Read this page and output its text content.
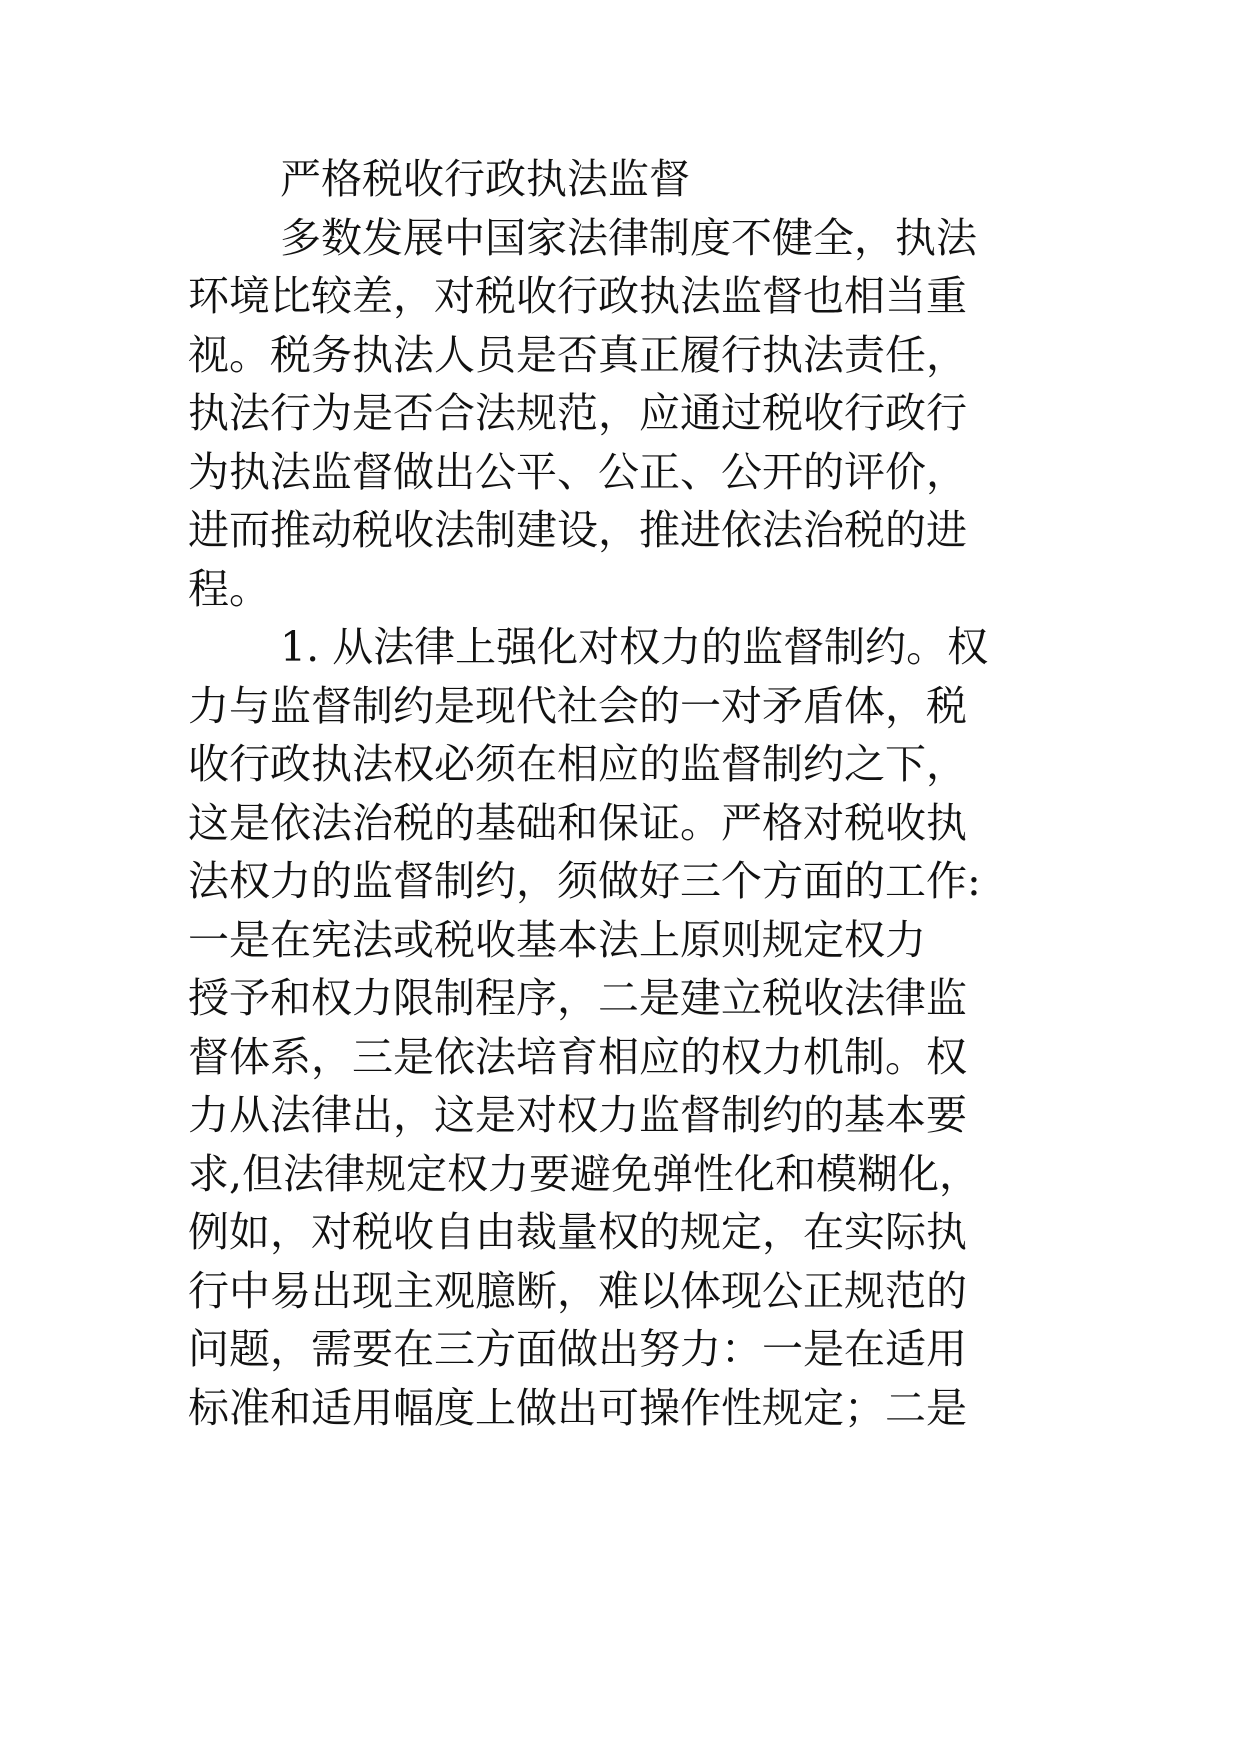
严格税收行政执法监督
多数发展中国家法律制度不健全，执法
环境比较差，对税收行政执法监督也相当重
视。税务执法人员是否真正履行执法责任，
执法行为是否合法规范，应通过税收行政行
为执法监督做出公平、公正、公开的评价，
进而推动税收法制建设，推进依法治税的进
程。
1. 从法律上强化对权力的监督制约。权
力与监督制约是现代社会的一对矛盾体，税
收行政执法权必须在相应的监督制约之下，
这是依法治税的基础和保证。严格对税收执
法权力的监督制约，须做好三个方面的工作:
一是在宪法或税收基本法上原则规定权力
授予和权力限制程序，二是建立税收法律监
督体系，三是依法培育相应的权力机制。权
力从法律出，这是对权力监督制约的基本要
求,但法律规定权力要避免弹性化和模糊化，
例如，对税收自由裁量权的规定，在实际执
行中易出现主观臆断，难以体现公正规范的
问题，需要在三方面做出努力：一是在适用
标准和适用幅度上做出可操作性规定；二是
